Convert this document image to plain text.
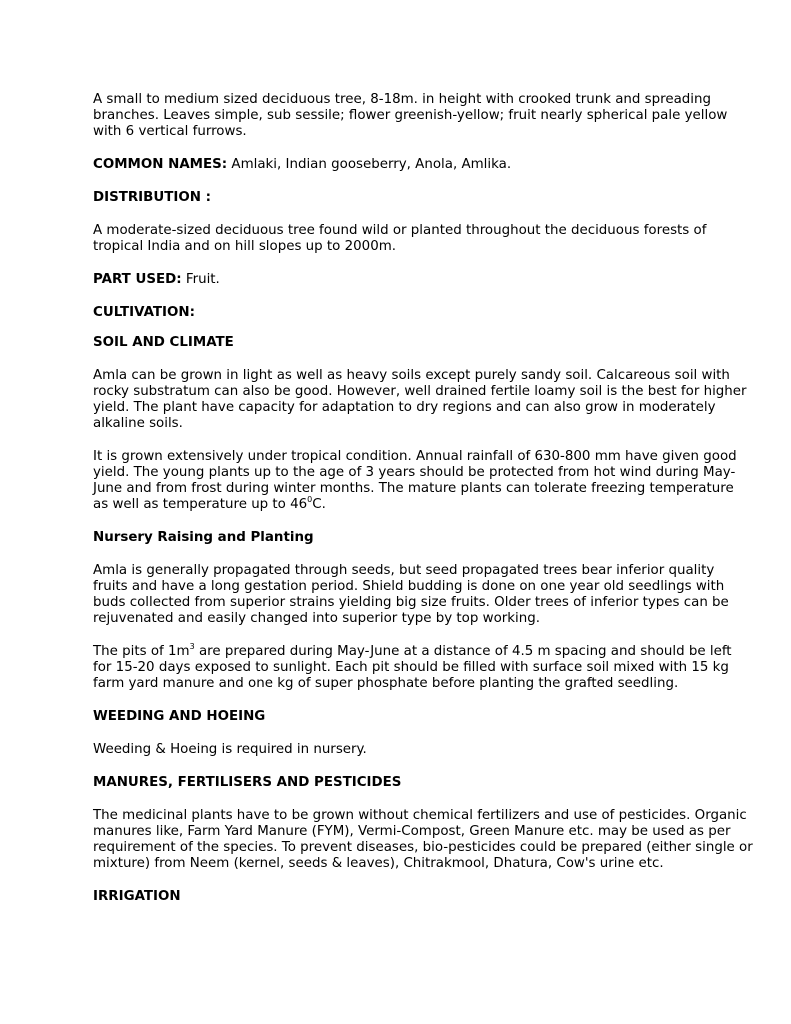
A small to medium sized deciduous tree, 8-18m. in height with crooked trunk and spreading branches. Leaves simple, sub sessile; flower greenish-yellow; fruit nearly spherical pale yellow with 6 vertical furrows.

COMMON NAMES: Amlaki, Indian gooseberry, Anola, Amlika.

DISTRIBUTION :

A moderate-sized deciduous tree found wild or planted throughout the deciduous forests of tropical India and on hill slopes up to 2000m.

PART USED: Fruit.

CULTIVATION:

SOIL AND CLIMATE

Amla can be grown in light as well as heavy soils except purely sandy soil. Calcareous soil with rocky substratum can also be good. However, well drained fertile loamy soil is the best for higher yield. The plant have capacity for adaptation to dry regions and can also grow in moderately alkaline soils.

It is grown extensively under tropical condition. Annual rainfall of 630-800 mm have given good yield. The young plants up to the age of 3 years should be protected from hot wind during May-June and from frost during winter months. The mature plants can tolerate freezing temperature as well as temperature up to $46^0C$.

Nursery Raising and Planting

Amla is generally propagated through seeds, but seed propagated trees bear inferior quality fruits and have a long gestation period. Shield budding is done on one year old seedlings with buds collected from superior strains yielding big size fruits. Older trees of inferior types can be rejuvenated and easily changed into superior type by top working.

The pits of $1m^3$ are prepared during May-June at a distance of 4.5 m spacing and should be left for 15-20 days exposed to sunlight. Each pit should be filled with surface soil mixed with 15 kg farm yard manure and one kg of super phosphate before planting the grafted seedling.

WEEDING AND HOEING

Weeding & Hoeing is required in nursery.

MANURES, FERTILISERS AND PESTICIDES

The medicinal plants have to be grown without chemical fertilizers and use of pesticides. Organic manures like, Farm Yard Manure (FYM), Vermi-Compost, Green Manure etc. may be used as per requirement of the species. To prevent diseases, bio-pesticides could be prepared (either single or mixture) from Neem (kernel, seeds & leaves), Chitrakmool, Dhatura, Cow's urine etc.

IRRIGATION
